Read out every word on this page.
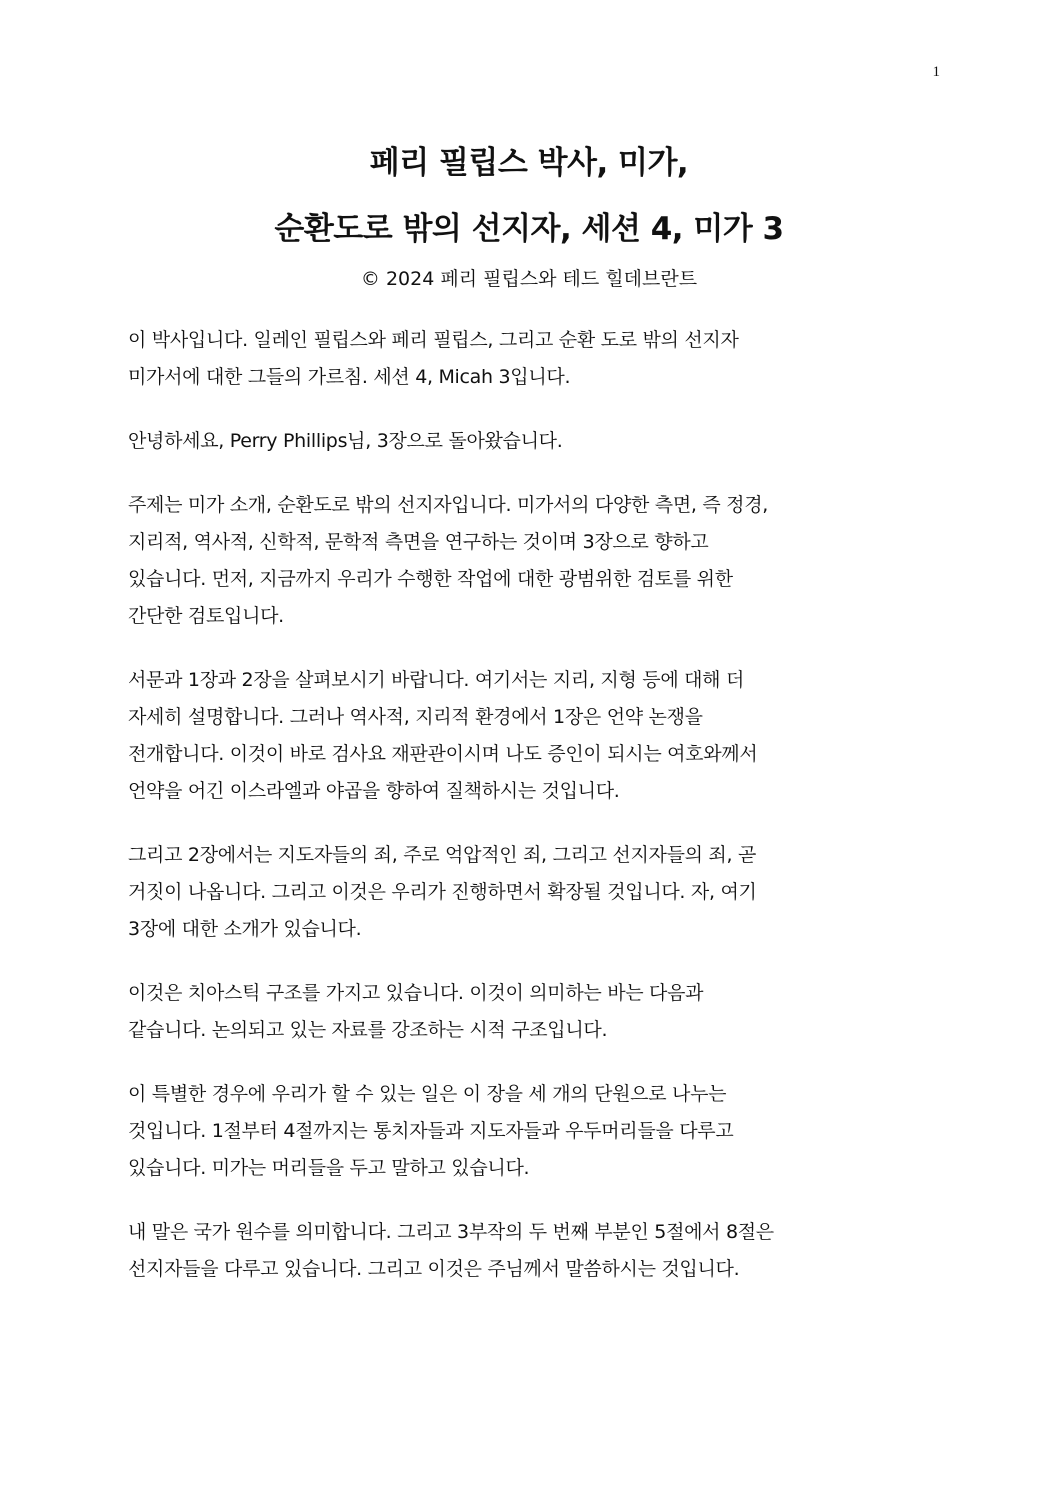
1
페리 필립스 박사, 미가,
순환도로 밖의 선지자, 세션 4, 미가 3

© 2024 페리 필립스와 테드 힐데브란트

이 박사입니다. 일레인 필립스와 페리 필립스, 그리고 순환 도로 밖의 선지자
미가서에 대한 그들의 가르침. 세션 4, Micah 3입니다.

안녕하세요, Perry Phillips님, 3장으로 돌아왔습니다.

주제는 미가 소개, 순환도로 밖의 선지자입니다. 미가서의 다양한 측면, 즉 정경,
지리적, 역사적, 신학적, 문학적 측면을 연구하는 것이며 3장으로 향하고
있습니다. 먼저, 지금까지 우리가 수행한 작업에 대한 광범위한 검토를 위한
간단한 검토입니다.

서문과 1장과 2장을 살펴보시기 바랍니다. 여기서는 지리, 지형 등에 대해 더
자세히 설명합니다. 그러나 역사적, 지리적 환경에서 1장은 언약 논쟁을
전개합니다. 이것이 바로 검사요 재판관이시며 나도 증인이 되시는 여호와께서
언약을 어긴 이스라엘과 야곱을 향하여 질책하시는 것입니다.

그리고 2장에서는 지도자들의 죄, 주로 억압적인 죄, 그리고 선지자들의 죄, 곧
거짓이 나옵니다. 그리고 이것은 우리가 진행하면서 확장될 것입니다. 자, 여기
3장에 대한 소개가 있습니다.

이것은 치아스틱 구조를 가지고 있습니다. 이것이 의미하는 바는 다음과
같습니다. 논의되고 있는 자료를 강조하는 시적 구조입니다.

이 특별한 경우에 우리가 할 수 있는 일은 이 장을 세 개의 단원으로 나누는
것입니다. 1절부터 4절까지는 통치자들과 지도자들과 우두머리들을 다루고
있습니다. 미가는 머리들을 두고 말하고 있습니다.

내 말은 국가 원수를 의미합니다. 그리고 3부작의 두 번째 부분인 5절에서 8절은
선지자들을 다루고 있습니다. 그리고 이것은 주님께서 말씀하시는 것입니다.
